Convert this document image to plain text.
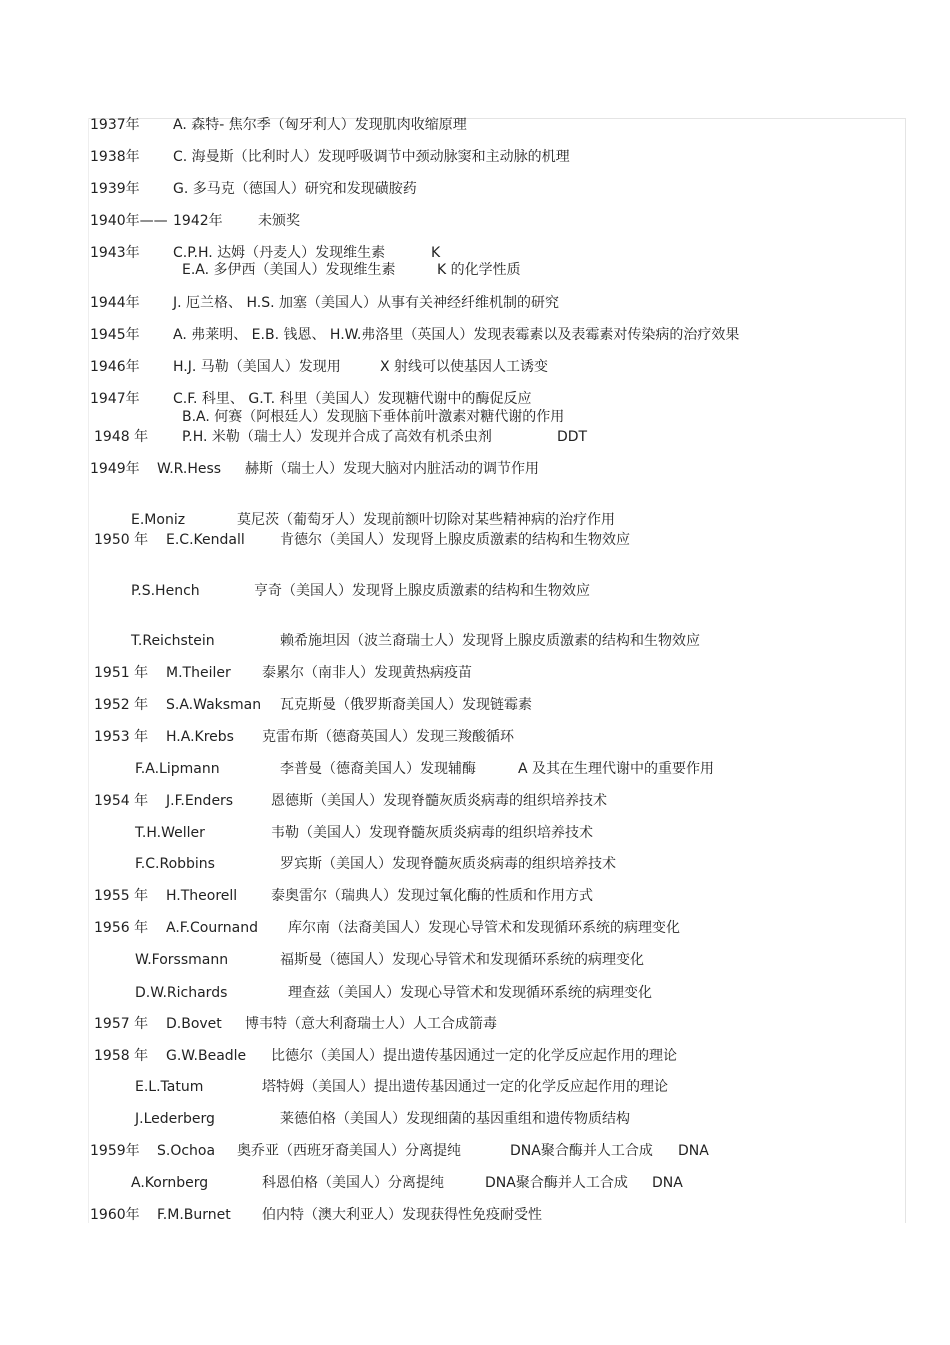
1937年 A. 森特- 焦尔季（匈牙利人）发现肌肉收缩原理
1938年 C. 海曼斯（比利时人）发现呼吸调节中颈动脉窦和主动脉的机理
1939年 G. 多马克（德国人）研究和发现磺胺药
1940年—— 1942年	未颁奖
1943年 C.P.H. 达姆（丹麦人）发现维生素	K
E.A. 多伊西（美国人）发现维生素	K 的化学性质
1944年 J. 厄兰格、 H.S. 加塞（美国人）从事有关神经纤维机制的研究
1945年 A. 弗莱明、 E.B. 钱恩、 H.W.弗洛里（英国人）发现表霉素以及表霉素对传染病的治疗效果
1946年 H.J. 马勒（美国人）发现用	X 射线可以使基因人工诱变
1947年 C.F. 科里、 G.T. 科里（美国人）发现糖代谢中的酶促反应
B.A. 何赛（阿根廷人）发现脑下垂体前叶激素对糖代谢的作用
1948 年 P.H. 米勒（瑞士人）发现并合成了高效有机杀虫剂	DDT
1949年 W.R.Hess 赫斯（瑞士人）发现大脑对内脏活动的调节作用
E.Moniz	莫尼茨（葡萄牙人）发现前额叶切除对某些精神病的治疗作用
1950 年 E.C.Kendall	肯德尔（美国人）发现肾上腺皮质激素的结构和生物效应
P.S.Hench	亨奇（美国人）发现肾上腺皮质激素的结构和生物效应
T.Reichstein	赖希施坦因（波兰裔瑞士人）发现肾上腺皮质激素的结构和生物效应
1951 年 M.Theiler 泰累尔（南非人）发现黄热病疫苗
1952 年 S.A.Waksman 瓦克斯曼（俄罗斯裔美国人）发现链霉素
1953 年 H.A.Krebs 克雷布斯（德裔英国人）发现三羧酸循环
F.A.Lipmann	李普曼（德裔美国人）发现辅酶	A 及其在生理代谢中的重要作用
1954 年 J.F.Enders	恩德斯（美国人）发现脊髓灰质炎病毒的组织培养技术
T.H.Weller	韦勒（美国人）发现脊髓灰质炎病毒的组织培养技术
F.C.Robbins	罗宾斯（美国人）发现脊髓灰质炎病毒的组织培养技术
1955 年 H.Theorell 泰奥雷尔（瑞典人）发现过氧化酶的性质和作用方式
1956 年 A.F.Cournand 库尔南（法裔美国人）发现心导管术和发现循环系统的病理变化
W.Forssmann	福斯曼（德国人）发现心导管术和发现循环系统的病理变化
D.W.Richards	理查兹（美国人）发现心导管术和发现循环系统的病理变化
1957 年 D.Bovet 博韦特（意大利裔瑞士人）人工合成箭毒
1958 年 G.W.Beadle 比德尔（美国人）提出遗传基因通过一定的化学反应起作用的理论
E.L.Tatum	塔特姆（美国人）提出遗传基因通过一定的化学反应起作用的理论
J.Lederberg	莱德伯格（美国人）发现细菌的基因重组和遗传物质结构
1959年 S.Ochoa 奥乔亚（西班牙裔美国人）分离提纯	DNA聚合酶并人工合成 DNA
A.Kornberg	科恩伯格（美国人）分离提纯	DNA聚合酶并人工合成 DNA
1960年 F.M.Burnet 伯内特（澳大利亚人）发现获得性免疫耐受性
